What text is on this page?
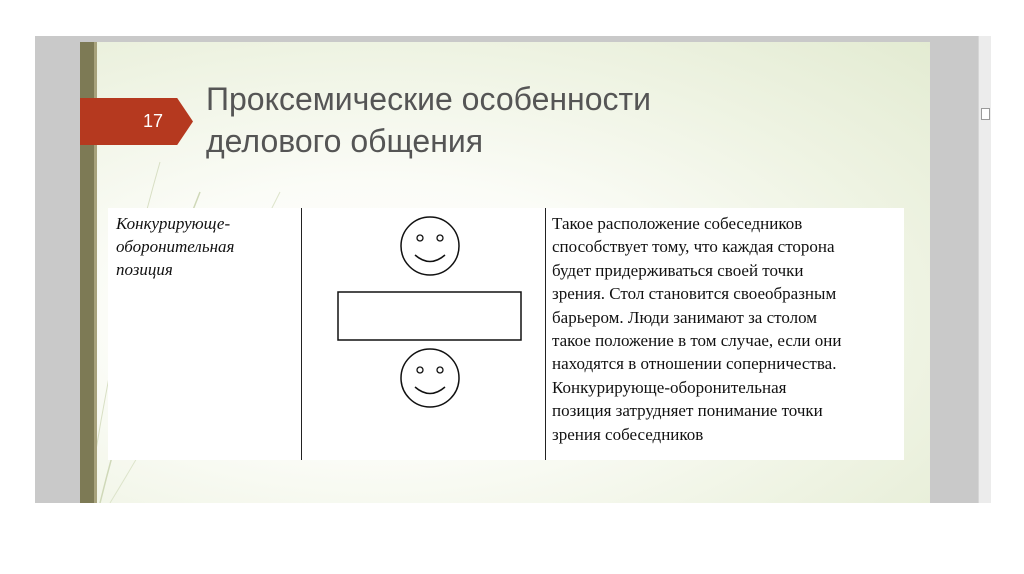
17
Проксемические особенности
делового общения
Конкурирующе-
оборонительная
позиция
Такое расположение собеседников
способствует тому, что каждая сторона
будет придерживаться своей точки
зрения. Стол становится своеобразным
барьером. Люди занимают за столом
такое положение в том случае, если они
находятся в отношении соперничества.
Конкурирующе-оборонительная
позиция затрудняет понимание точки
зрения собеседников
